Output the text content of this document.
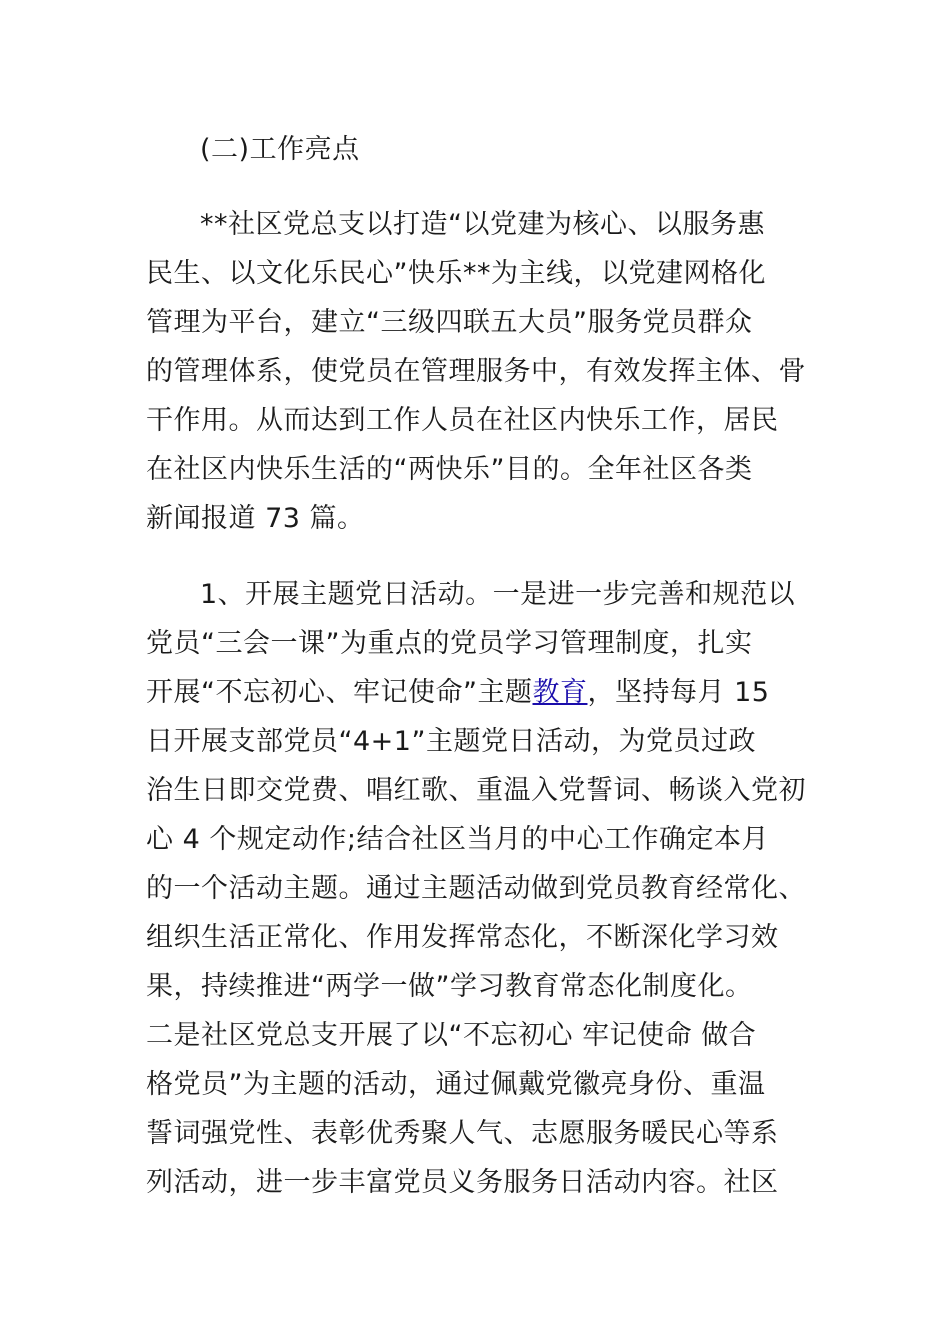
(二)工作亮点
**社区党总支以打造“以党建为核心、以服务惠
民生、以文化乐民心”快乐**为主线，以党建网格化
管理为平台，建立“三级四联五大员”服务党员群众
的管理体系，使党员在管理服务中，有效发挥主体、骨
干作用。从而达到工作人员在社区内快乐工作，居民
在社区内快乐生活的“两快乐”目的。全年社区各类
新闻报道 73 篇。
1、开展主题党日活动。一是进一步完善和规范以
党员“三会一课”为重点的党员学习管理制度，扎实
开展“不忘初心、牢记使命”主题教育，坚持每月 15
日开展支部党员“4+1”主题党日活动，为党员过政
治生日即交党费、唱红歌、重温入党誓词、畅谈入党初
心 4 个规定动作;结合社区当月的中心工作确定本月
的一个活动主题。通过主题活动做到党员教育经常化、
组织生活正常化、作用发挥常态化，不断深化学习效
果，持续推进“两学一做”学习教育常态化制度化。
二是社区党总支开展了以“不忘初心 牢记使命 做合
格党员”为主题的活动，通过佩戴党徽亮身份、重温
誓词强党性、表彰优秀聚人气、志愿服务暖民心等系
列活动，进一步丰富党员义务服务日活动内容。社区
